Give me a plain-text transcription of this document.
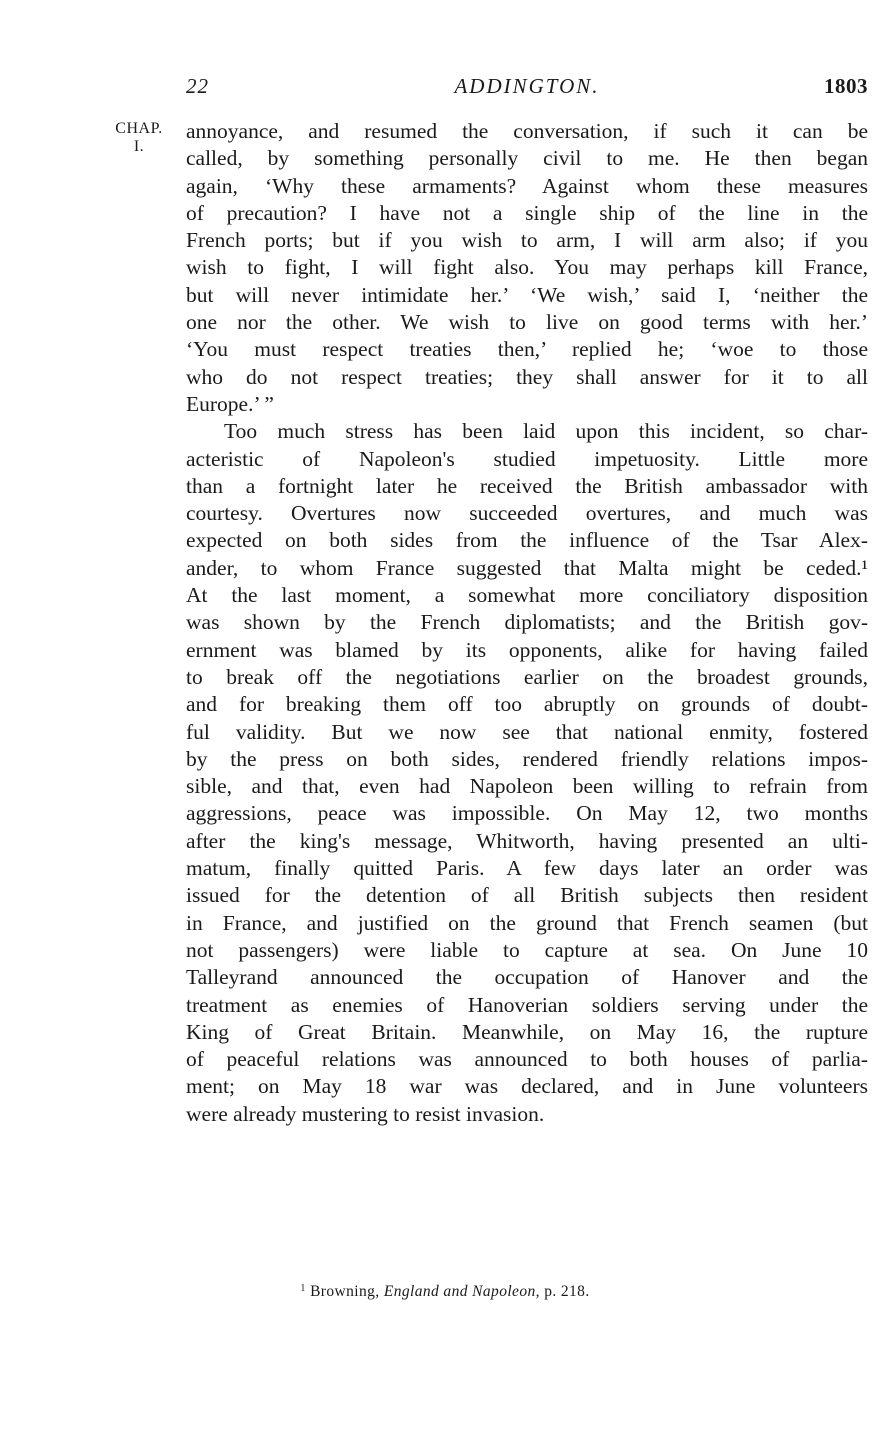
22	ADDINGTON.	1803
CHAP.
I.
annoyance, and resumed the conversation, if such it can be
called, by something personally civil to me. He then began
again, ‘Why these armaments? Against whom these measures
of precaution? I have not a single ship of the line in the
French ports; but if you wish to arm, I will arm also; if you
wish to fight, I will fight also. You may perhaps kill France,
but will never intimidate her.’ ‘We wish,’ said I, ‘neither the
one nor the other. We wish to live on good terms with her.’
‘You must respect treaties then,’ replied he; ‘woe to those
who do not respect treaties; they shall answer for it to all
Europe.’ ”
Too much stress has been laid upon this incident, so char-
acteristic of Napoleon's studied impetuosity. Little more
than a fortnight later he received the British ambassador with
courtesy. Overtures now succeeded overtures, and much was
expected on both sides from the influence of the Tsar Alex-
ander, to whom France suggested that Malta might be ceded.¹
At the last moment, a somewhat more conciliatory disposition
was shown by the French diplomatists; and the British gov-
ernment was blamed by its opponents, alike for having failed
to break off the negotiations earlier on the broadest grounds,
and for breaking them off too abruptly on grounds of doubt-
ful validity. But we now see that national enmity, fostered
by the press on both sides, rendered friendly relations impos-
sible, and that, even had Napoleon been willing to refrain from
aggressions, peace was impossible. On May 12, two months
after the king's message, Whitworth, having presented an ulti-
matum, finally quitted Paris. A few days later an order was
issued for the detention of all British subjects then resident
in France, and justified on the ground that French seamen (but
not passengers) were liable to capture at sea. On June 10
Talleyrand announced the occupation of Hanover and the
treatment as enemies of Hanoverian soldiers serving under the
King of Great Britain. Meanwhile, on May 16, the rupture
of peaceful relations was announced to both houses of parlia-
ment; on May 18 war was declared, and in June volunteers
were already mustering to resist invasion.
$^1$ Browning, England and Napoleon, p. 218.
